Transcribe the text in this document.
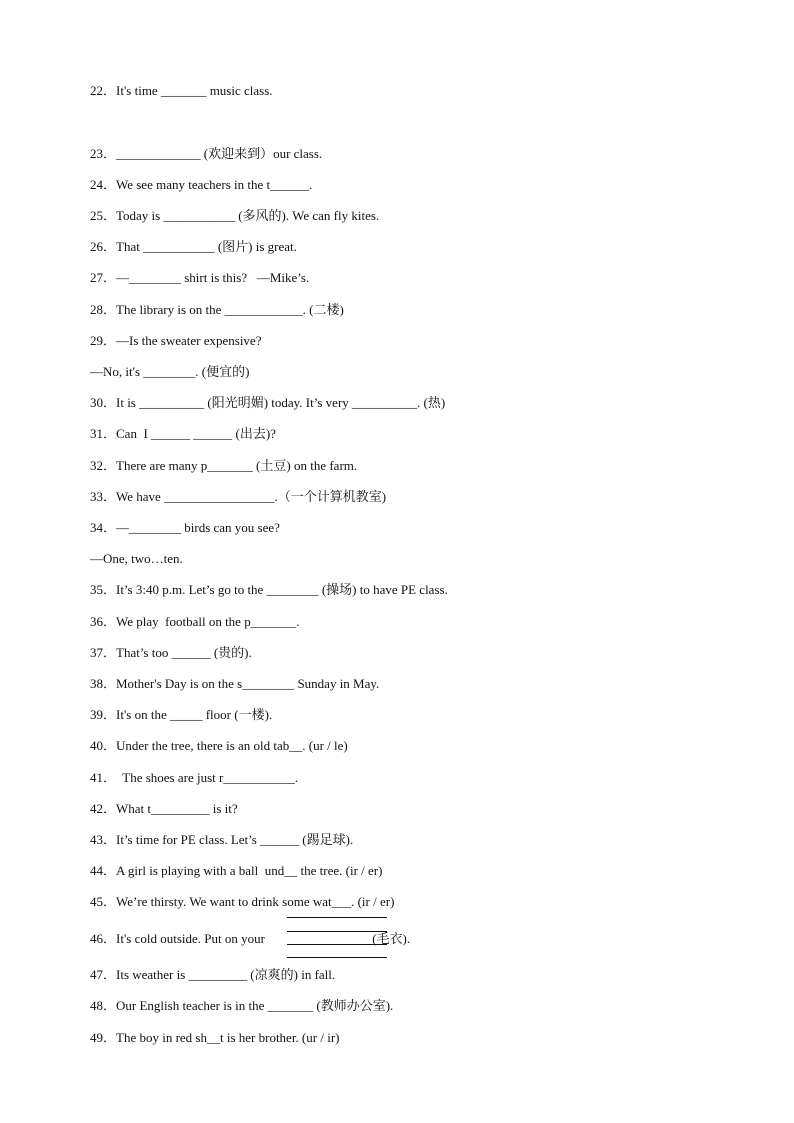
22．It's time _______ music class.
23．_____________ (欢迎来到）our class.
24．We see many teachers in the t______.
25．Today is ___________ (多风的). We can fly kites.
26．That ___________ (图片) is great.
27．—________ shirt is this?   —Mike’s.
28．The library is on the ____________. (二楼)
29．—Is the sweater expensive?
—No, it's ________. (便宜的)
30．It is __________ (阳光明媚) today. It’s very __________. (热)
31．Can  I ______ ______ (出去)?
32．There are many p_______ (土豆) on the farm.
33．We have _________________.（一个计算机教室)
34．—________ birds can you see?
—One, two…ten.
35．It’s 3:40 p.m. Let’s go to the ________ (操场) to have PE class.
36．We play  football on the p_______.
37．That’s too ______ (贵的).
38．Mother's Day is on the s________ Sunday in May.
39．It's on the _____ floor (一楼).
40．Under the tree, there is an old tab__. (ur / le)
41．  The shoes are just r___________.
42．What t_________ is it?
43．It’s time for PE class. Let’s ______ (踢足球).
44．A girl is playing with a ball  und__ the tree. (ir / er)
45．We’re thirsty. We want to drink some wat___. (ir / er)
46．It's cold outside. Put on your                                 (毛衣).
47．Its weather is _________ (凉爽的) in fall.
48．Our English teacher is in the _______ (教师办公室).
49．The boy in red sh__t is her brother. (ur / ir)
